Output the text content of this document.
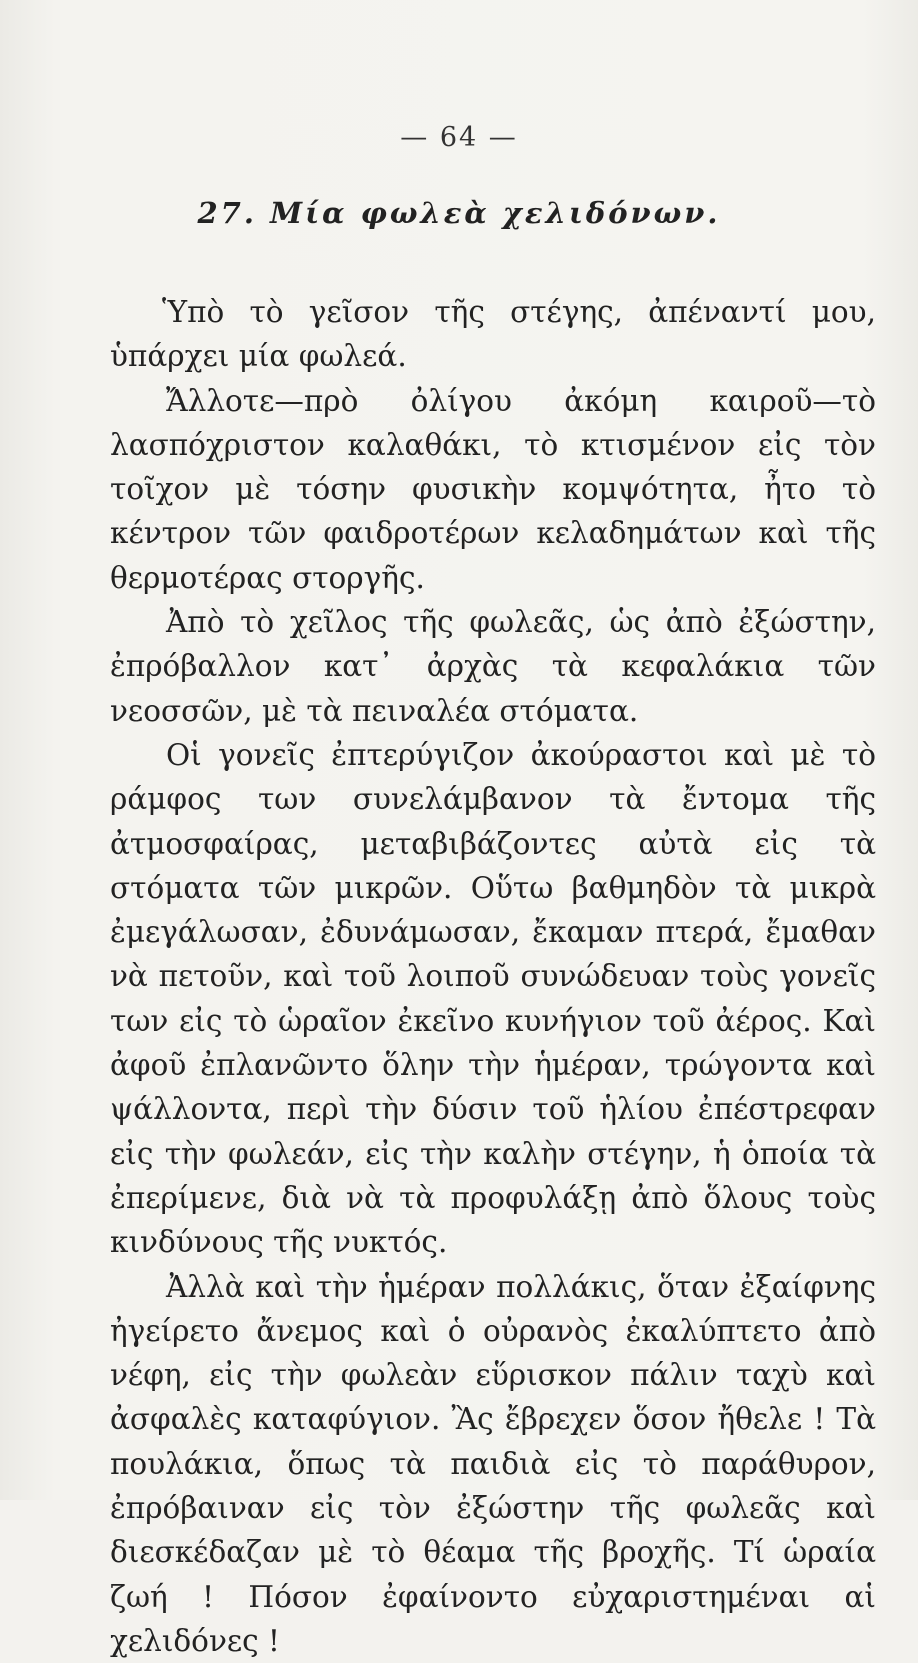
— 64 —
27. Μία φωλεὰ χελιδόνων.

Ὑπὸ τὸ γεῖσον τῆς στέγης, ἀπέναντί μου, ὑπάρχει μία φωλεά.

Ἄλλοτε—πρὸ ὀλίγου ἀκόμη καιροῦ—τὸ λασπόχριστον καλαθάκι, τὸ κτισμένον εἰς τὸν τοῖχον μὲ τόσην φυσικὴν κομψότητα, ἦτο τὸ κέντρον τῶν φαιδροτέρων κελαδημάτων καὶ τῆς θερμοτέρας στοργῆς.

Ἀπὸ τὸ χεῖλος τῆς φωλεᾶς, ὡς ἀπὸ ἐξώστην, ἐπρόβαλλον κατ᾽ ἀρχὰς τὰ κεφαλάκια τῶν νεοσσῶν, μὲ τὰ πειναλέα στόματα.

Οἱ γονεῖς ἐπτερύγιζον ἀκούραστοι καὶ μὲ τὸ ράμφος των συνελάμβανον τὰ ἔντομα τῆς ἀτμοσφαίρας, μεταβιβάζοντες αὐτὰ εἰς τὰ στόματα τῶν μικρῶν. Οὕτω βαθμηδὸν τὰ μικρὰ ἐμεγάλωσαν, ἐδυνάμωσαν, ἔκαμαν πτερά, ἔμαθαν νὰ πετοῦν, καὶ τοῦ λοιποῦ συνώδευαν τοὺς γονεῖς των εἰς τὸ ὡραῖον ἐκεῖνο κυνήγιον τοῦ ἀέρος. Καὶ ἀφοῦ ἐπλανῶντο ὅλην τὴν ἡμέραν, τρώγοντα καὶ ψάλλοντα, περὶ τὴν δύσιν τοῦ ἡλίου ἐπέστρεφαν εἰς τὴν φωλεάν, εἰς τὴν καλὴν στέγην, ἡ ὁποία τὰ ἐπερίμενε, διὰ νὰ τὰ προφυλάξῃ ἀπὸ ὅλους τοὺς κινδύνους τῆς νυκτός.

Ἀλλὰ καὶ τὴν ἡμέραν πολλάκις, ὅταν ἐξαίφνης ἠγείρετο ἄνεμος καὶ ὁ οὐρανὸς ἐκαλύπτετο ἀπὸ νέφη, εἰς τὴν φωλεὰν εὕρισκον πάλιν ταχὺ καὶ ἀσφαλὲς καταφύγιον. Ἂς ἔβρεχεν ὅσον ἤθελε ! Τὰ πουλάκια, ὅπως τὰ παιδιὰ εἰς τὸ παράθυρον, ἐπρόβαιναν εἰς τὸν ἐξώστην τῆς φωλεᾶς καὶ διεσκέδαζαν μὲ τὸ θέαμα τῆς βροχῆς. Τί ὡραία ζωή ! Πόσον ἐφαίνοντο εὐχαριστημέναι αἱ χελιδόνες !
